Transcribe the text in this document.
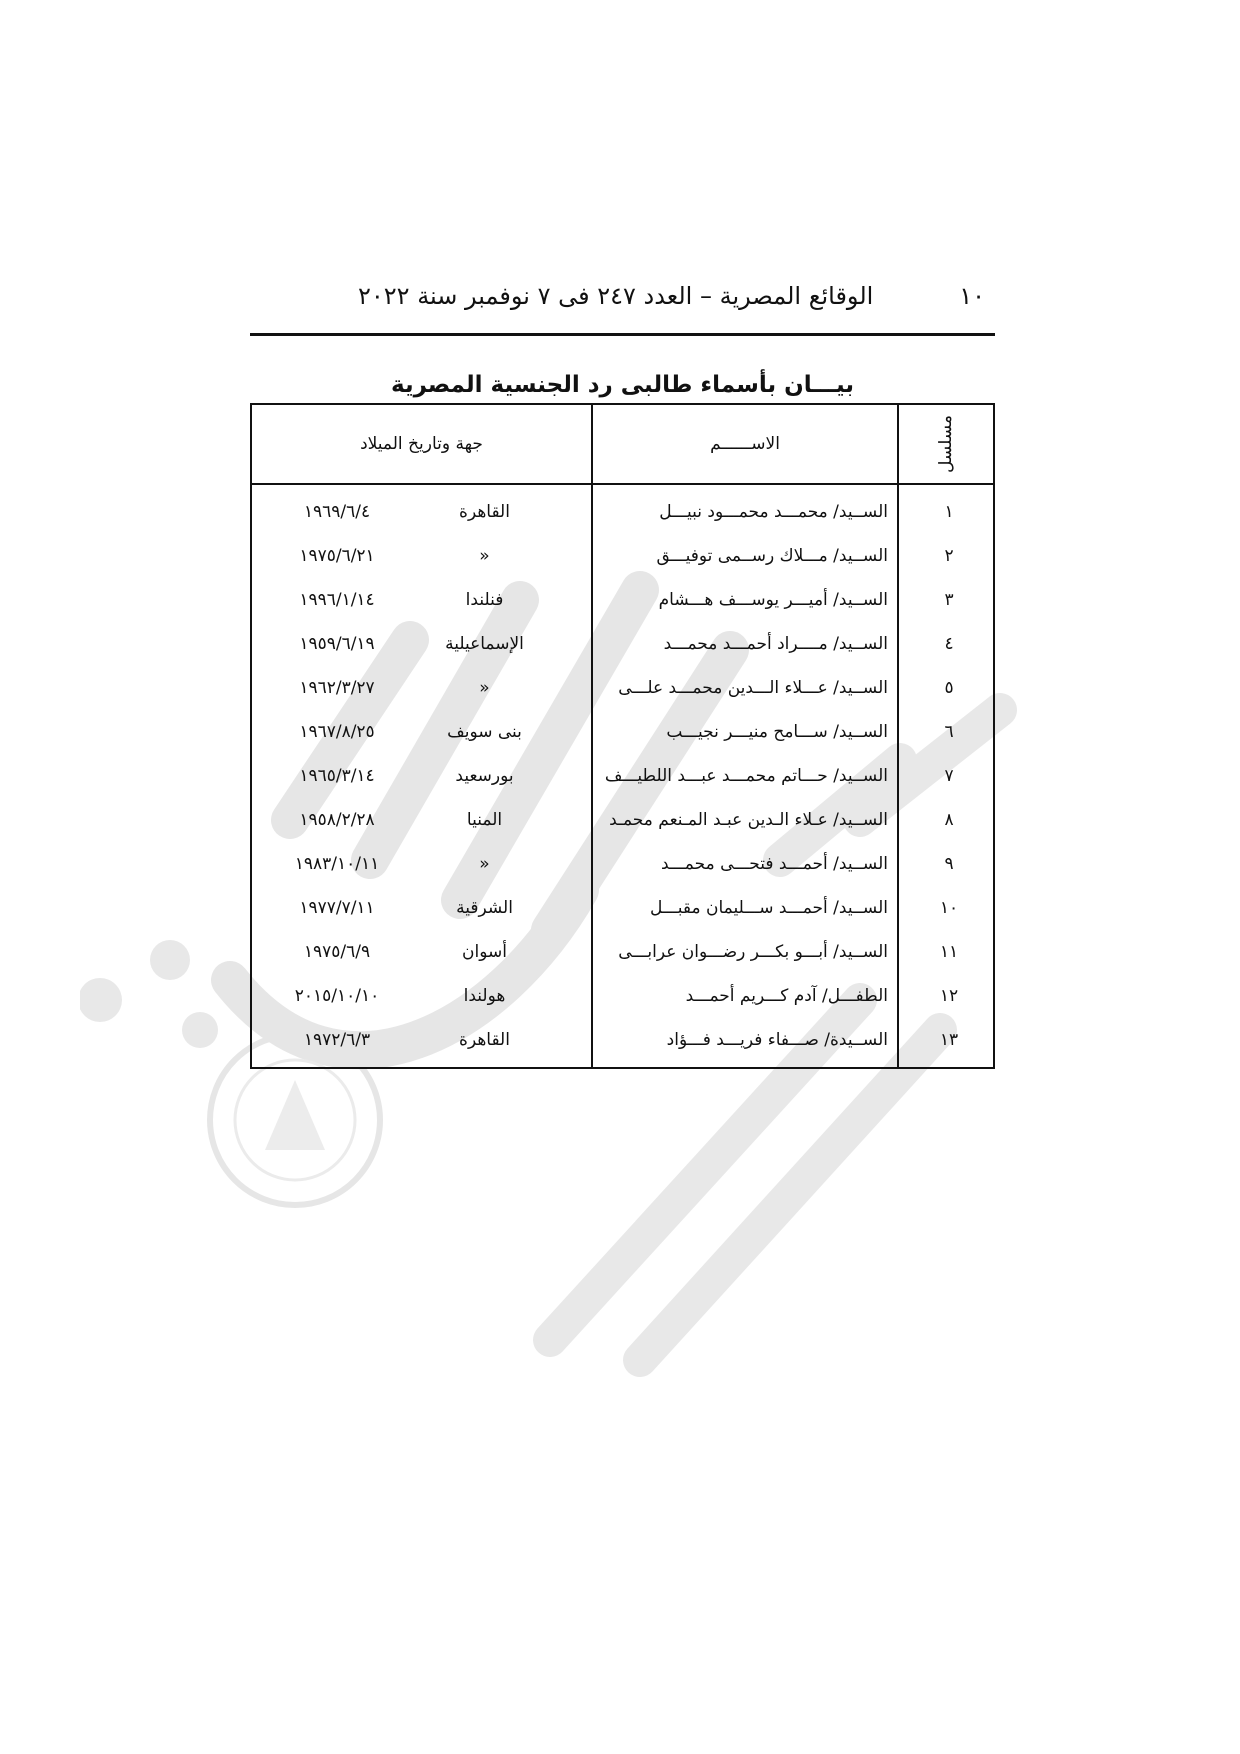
١٠
الوقائع المصرية – العدد ٢٤٧ فى ٧ نوفمبر سنة ٢٠٢٢
بيـــان بأسماء طالبى رد الجنسية المصرية
مسلسل
الاســــــم
جهة وتاريخ الميلاد
١
الســيد/ محمـــد محمـــود نبيـــل
القاهرة
١٩٦٩/٦/٤
٢
الســيد/ مـــلاك رســمى توفيـــق
«
١٩٧٥/٦/٢١
٣
الســيد/ أميـــر يوســـف هـــشام
فنلندا
١٩٩٦/١/١٤
٤
الســيد/ مــــراد أحمـــد محمـــد
الإسماعيلية
١٩٥٩/٦/١٩
٥
الســيد/ عـــلاء الـــدين محمـــد علـــى
«
١٩٦٢/٣/٢٧
٦
الســيد/ ســـامح منيـــر نجيـــب
بنى سويف
١٩٦٧/٨/٢٥
٧
الســيد/ حـــاتم محمـــد عبـــد اللطيـــف
بورسعيد
١٩٦٥/٣/١٤
٨
الســيد/ عـلاء الـدين عبـد المـنعم محمـد
المنيا
١٩٥٨/٢/٢٨
٩
الســيد/ أحمـــد فتحـــى محمـــد
«
١٩٨٣/١٠/١١
١٠
الســيد/ أحمـــد ســـليمان مقبـــل
الشرقية
١٩٧٧/٧/١١
١١
الســيد/ أبـــو بكـــر رضـــوان عرابـــى
أسوان
١٩٧٥/٦/٩
١٢
الطفـــل/ آدم كـــريم أحمـــد
هولندا
٢٠١٥/١٠/١٠
١٣
الســيدة/ صـــفاء فريـــد فـــؤاد
القاهرة
١٩٧٢/٦/٣
